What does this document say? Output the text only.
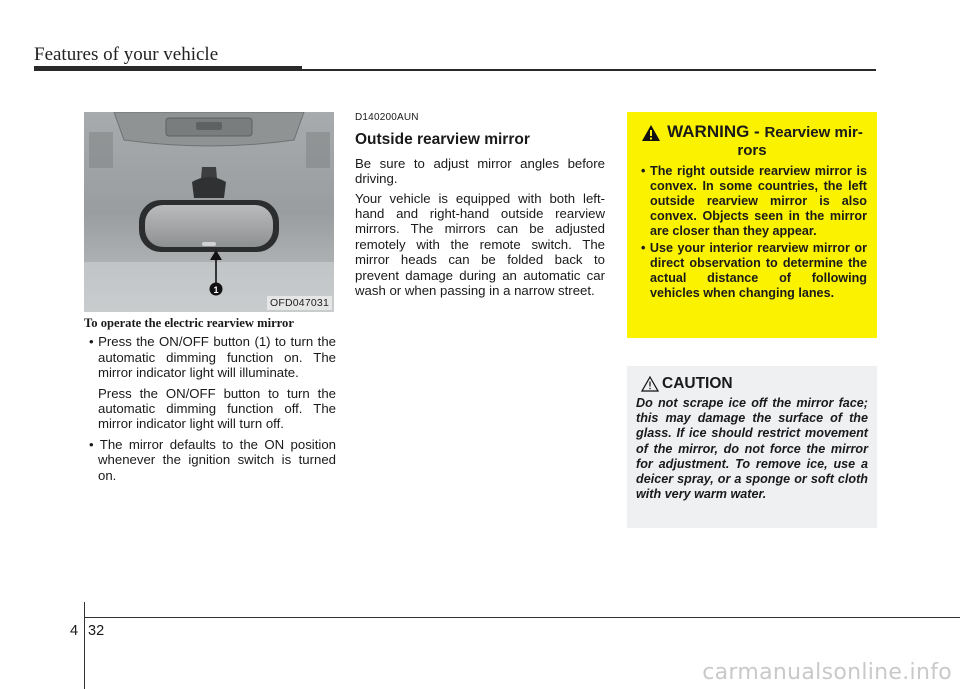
Features of your vehicle
1
OFD047031
To operate the electric rearview mirror
• Press the ON/OFF button (1) to turn the automatic dimming function on. The mirror indicator light will illuminate.
Press the ON/OFF button to turn the automatic dimming function off. The mirror indicator light will turn off.
• The mirror defaults to the ON position whenever the ignition switch is turned on.
D140200AUN
Outside rearview mirror

Be sure to adjust mirror angles before driving.

Your vehicle is equipped with both left-hand and right-hand outside rearview mirrors. The mirrors can be adjusted remotely with the remote switch. The mirror heads can be folded back to prevent damage during an automatic car wash or when passing in a narrow street.

WARNING - Rearview mir-
rors
• The right outside rearview mirror is convex. In some countries, the left outside rearview mirror is also convex. Objects seen in the mirror are closer than they appear.
• Use your interior rearview mirror or direct observation to determine the actual distance of following vehicles when changing lanes.
CAUTION
Do not scrape ice off the mirror face; this may damage the surface of the glass. If ice should restrict movement of the mirror, do not force the mirror for adjustment. To remove ice, use a deicer spray, or a sponge or soft cloth with very warm water.
4 32
carmanualsonline.info
